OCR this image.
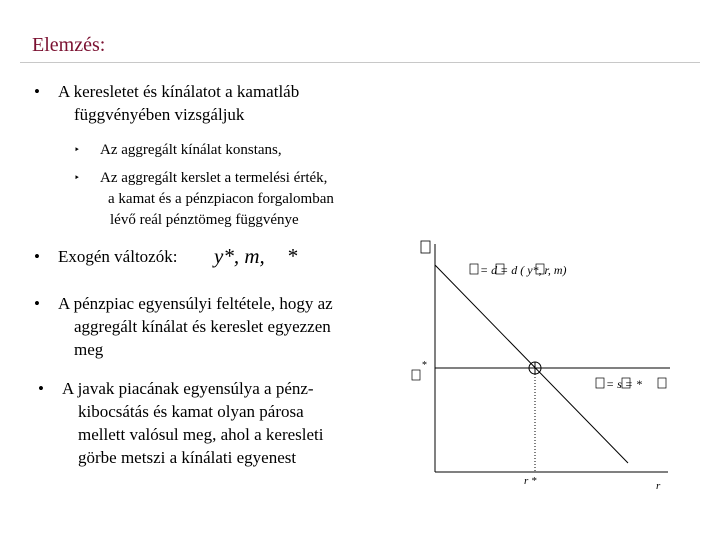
Elemzés:
• A keresletet és kínálatot a kamatláb
függvényében vizsgáljuk
‣ Az aggregált kínálat konstans,
‣ Az aggregált kerslet a termelési érték,
a kamat és a pénzpiacon forgalomban
lévő reál pénztömeg függvénye
• Exogén változók:	y*, m, *
• A pénzpiac egyensúlyi feltétele, hogy az
aggregált kínálat és kereslet egyezzen
meg
• A javak piacának egyensúlya a pénz-
kibocsátás és kamat olyan párosa
mellett valósul meg, ahol a keresleti
görbe metszi a kínálati egyenest
= d = d ( y*, r, m)
= s = *
*
r *	r
